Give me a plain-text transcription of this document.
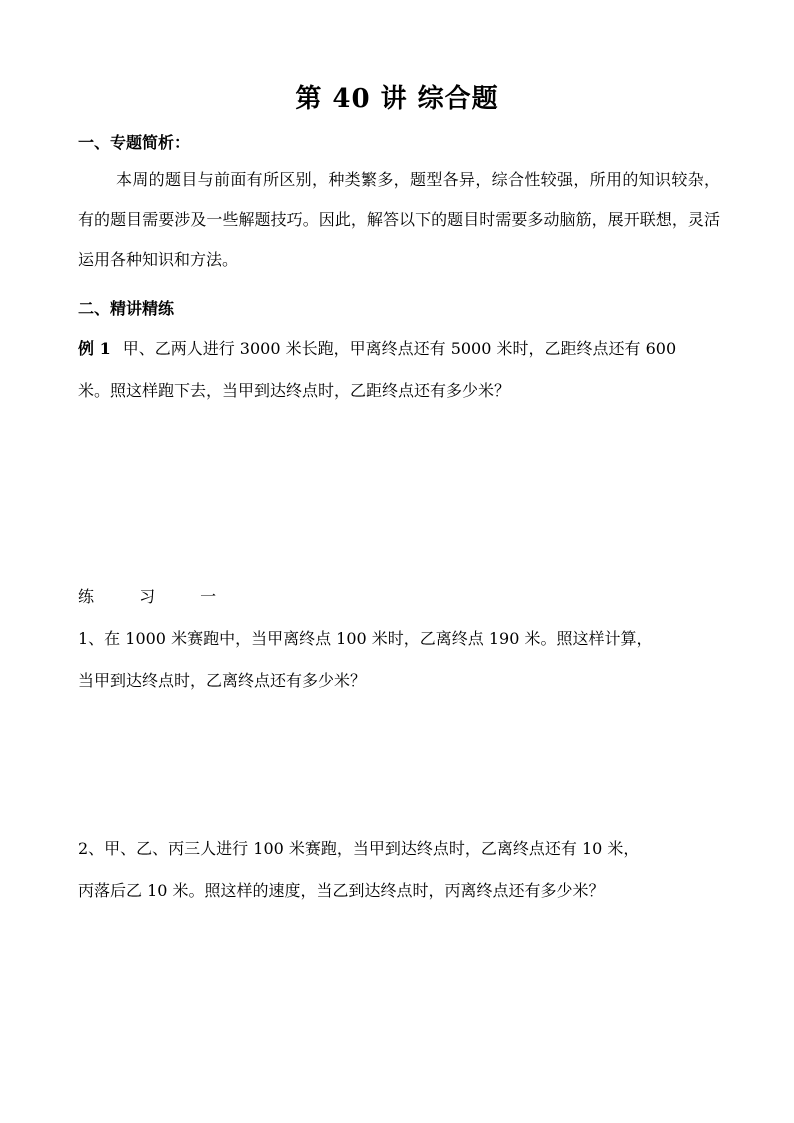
第 40 讲 综合题
一、专题简析：
本周的题目与前面有所区别，种类繁多，题型各异，综合性较强，所用的知识较杂，有的题目需要涉及一些解题技巧。因此，解答以下的题目时需要多动脑筋，展开联想，灵活运用各种知识和方法。
二、精讲精练
例 1 甲、乙两人进行 3000 米长跑，甲离终点还有 5000 米时，乙距终点还有 600
米。照这样跑下去，当甲到达终点时，乙距终点还有多少米？
练 习 一
1、在 1000 米赛跑中，当甲离终点 100 米时，乙离终点 190 米。照这样计算，
当甲到达终点时，乙离终点还有多少米？
2、甲、乙、丙三人进行 100 米赛跑，当甲到达终点时，乙离终点还有 10 米，
丙落后乙 10 米。照这样的速度，当乙到达终点时，丙离终点还有多少米？
